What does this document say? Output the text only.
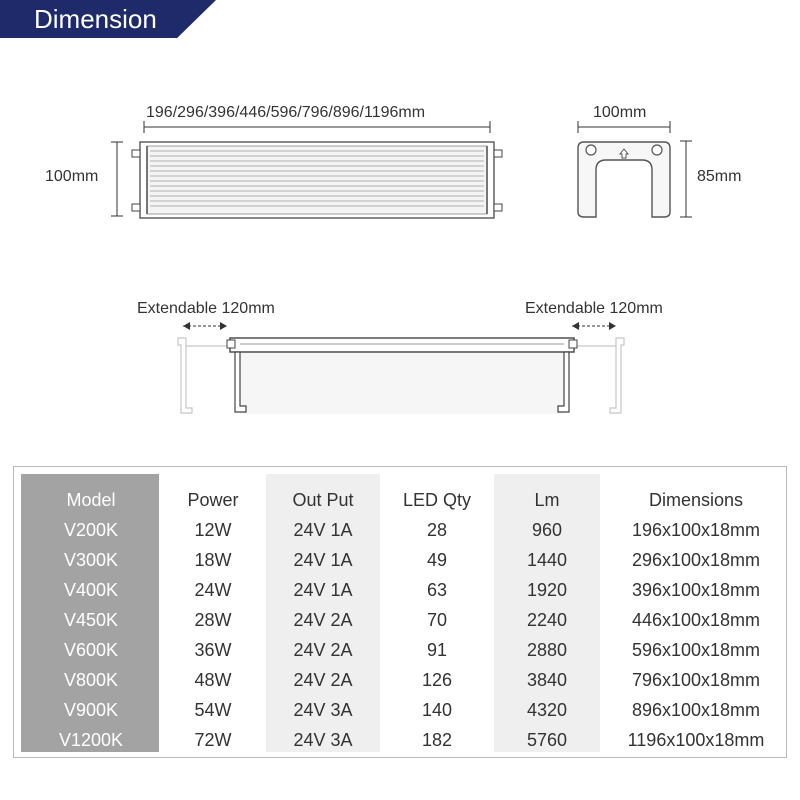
Dimension
196/296/396/446/596/796/896/1196mm
100mm
100mm
85mm
Extendable 120mm	Extendable 120mm
Model	Power	Out Put	LED Qty	Lm	Dimensions
V200K	12W	24V 1A	28	960	196x100x18mm
V300K	18W	24V 1A	49	1440	296x100x18mm
V400K	24W	24V 1A	63	1920	396x100x18mm
V450K	28W	24V 2A	70	2240	446x100x18mm
V600K	36W	24V 2A	91	2880	596x100x18mm
V800K	48W	24V 2A	126	3840	796x100x18mm
V900K	54W	24V 3A	140	4320	896x100x18mm
V1200K	72W	24V 3A	182	5760	1196x100x18mm
